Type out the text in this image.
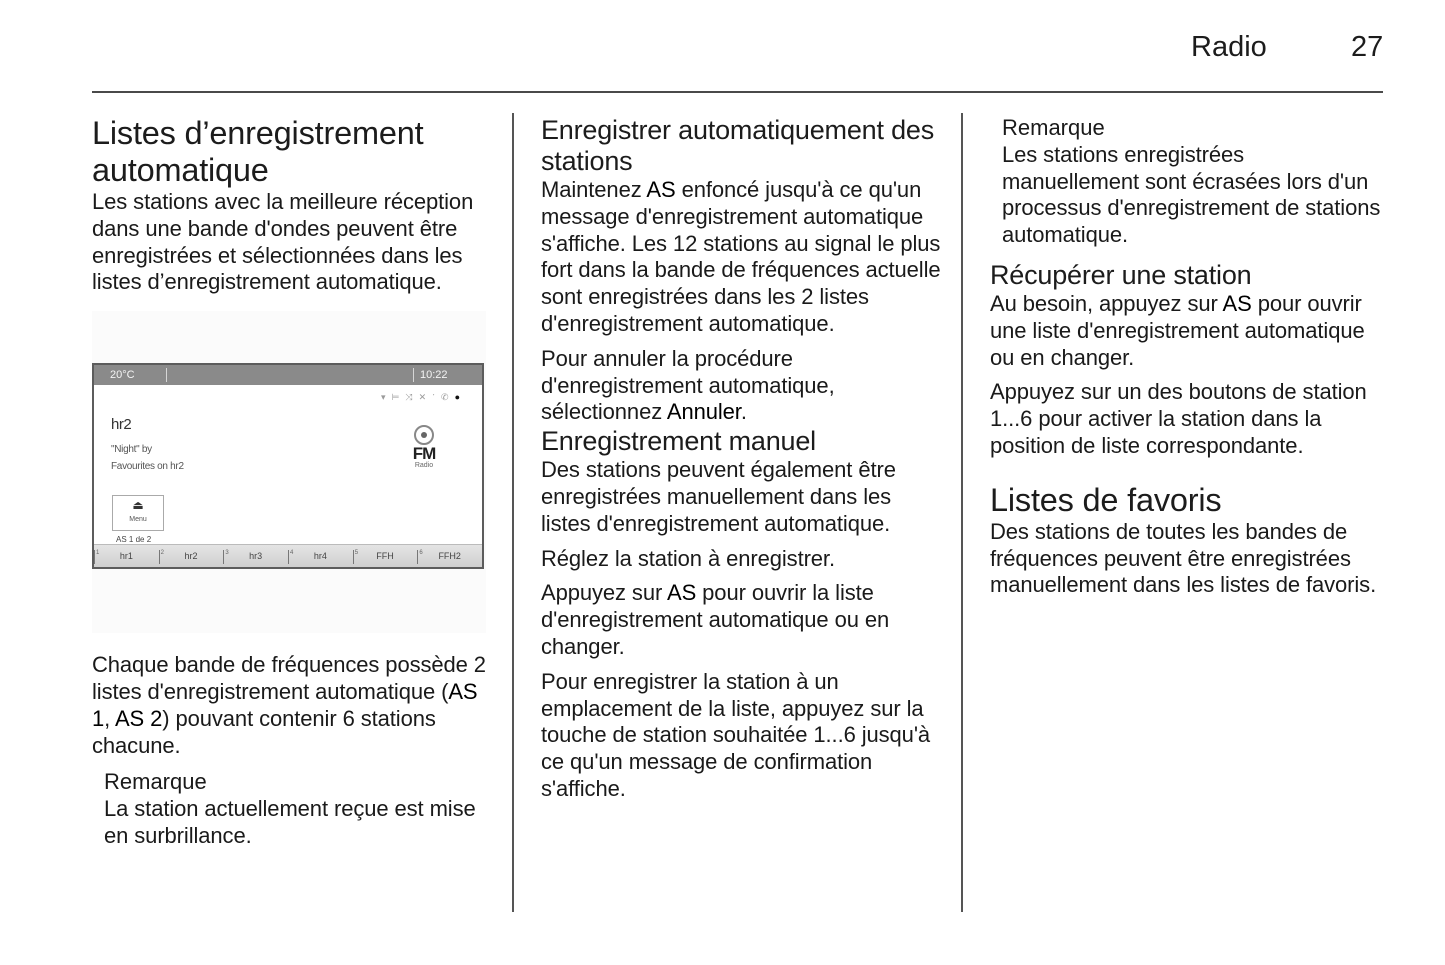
Radio	27
Listes d’enregistrement automatique

Les stations avec la meilleure réception dans une bande d'ondes peuvent être enregistrées et sélectionnées dans les listes d’enregistrement automatique.

20°C	10:22
▾⊨⤨✕ॱ✆●
hr2
"Night" by
Favourites on hr2
FM
Radio
⏏
Menu
AS 1 de 2
1 hr1	2 hr2	3 hr3	4 hr4	5 FFH	6 FFH2

Chaque bande de fréquences possède 2 listes d'enregistrement automatique (AS 1, AS 2) pouvant contenir 6 stations chacune.

Remarque

La station actuellement reçue est mise en surbrillance.

Enregistrer automatiquement des stations

Maintenez AS enfoncé jusqu'à ce qu'un message d'enregistrement automatique s'affiche. Les 12 stations au signal le plus fort dans la bande de fréquences actuelle sont enregistrées dans les 2 listes d'enregistrement automatique.

Pour annuler la procédure d'enregistrement automatique, sélectionnez Annuler.

Enregistrement manuel

Des stations peuvent également être enregistrées manuellement dans les listes d'enregistrement automatique.

Réglez la station à enregistrer.

Appuyez sur AS pour ouvrir la liste d'enregistrement automatique ou en changer.

Pour enregistrer la station à un emplacement de la liste, appuyez sur la touche de station souhaitée 1...6 jusqu'à ce qu'un message de confirmation s'affiche.

Remarque

Les stations enregistrées manuellement sont écrasées lors d'un processus d'enregistrement de stations automatique.

Récupérer une station

Au besoin, appuyez sur AS pour ouvrir une liste d'enregistrement automatique ou en changer.

Appuyez sur un des boutons de station 1...6 pour activer la station dans la position de liste correspondante.

Listes de favoris

Des stations de toutes les bandes de fréquences peuvent être enregistrées manuellement dans les listes de favoris.
